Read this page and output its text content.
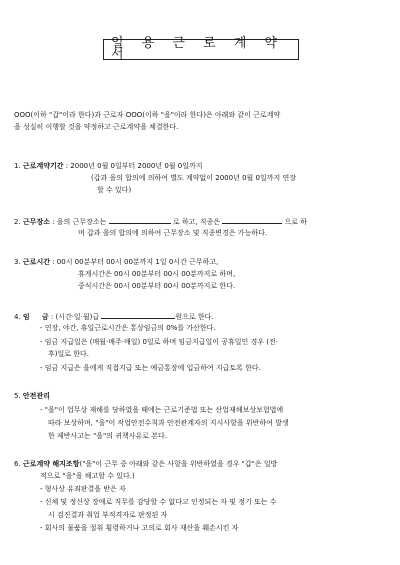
일 용 근 로 계 약 서
OOO(이하 "갑"이라 한다)과 근로자 OOO(이하 "을"이라 한다)은 아래와 같이 근로계약
을 성실히 이행할 것을 약정하고 근로계약을 체결한다.
1. 근로계약기간 : 2000년 0월 0일부터 2000년 0월 0일까지
(갑과 을의 합의에 의하여 별도 계약없이 2000년 0월 0일까지 연장
할 수 있다)
2. 근무장소 : 을의 근무장소는	로 하고, 직종은	으로 하
며 갑과 을의 합의에 의하여 근무장소 및 직종변경은 가능하다.
3. 근로시간 : 00시 00분부터 00시 00분까지 1일 0시간 근무하고,
휴게시간은 00시 00분부터 00시 00분까지로 하며,
중식시간은 00시 00분부터 00시 00분까지로 한다.
4. 임     금 : (시간·일·월)급	원으로 한다.
- 연장, 야간, 휴일근로시간은 통상임금의 0%를 가산한다.
- 임금 지급일은 (매월·매주·매일) 0일로 하며 임금지급일이 공휴일인 경우 (전·
후)일로 한다.
- 임금 지급은 을에게 직접지급 또는 예금통장에 입금하여 지급토록 한다.
5. 안전관리
- "을"이 업무상 재해를 당하였을 때에는 근로기준법 또는 산업재해보상보험법에
따라 보상하며, "을"이 작업안전수칙과 안전관계자의 지시사항을 위반하여 발생
한 제반사고는 "을"의 귀책사유로 본다.
6. 근로계약 해지조항("을"이 근무 중 아래와 같은 사항을 위반하였을 경우 "갑"은 일방
적으로 "을"을 해고할 수 있다.)
- 형사상 유죄판결을 받은 자
- 신체 및 정신상 장애로 직무를 감당할 수 없다고 인정되는 자 및 정기 또는 수
시 검진결과 취업 부적격자로 판정된 자
- 회사의 물품을 절취 횡령하거나 고의로 회사 재산을 훼손시킨 자
